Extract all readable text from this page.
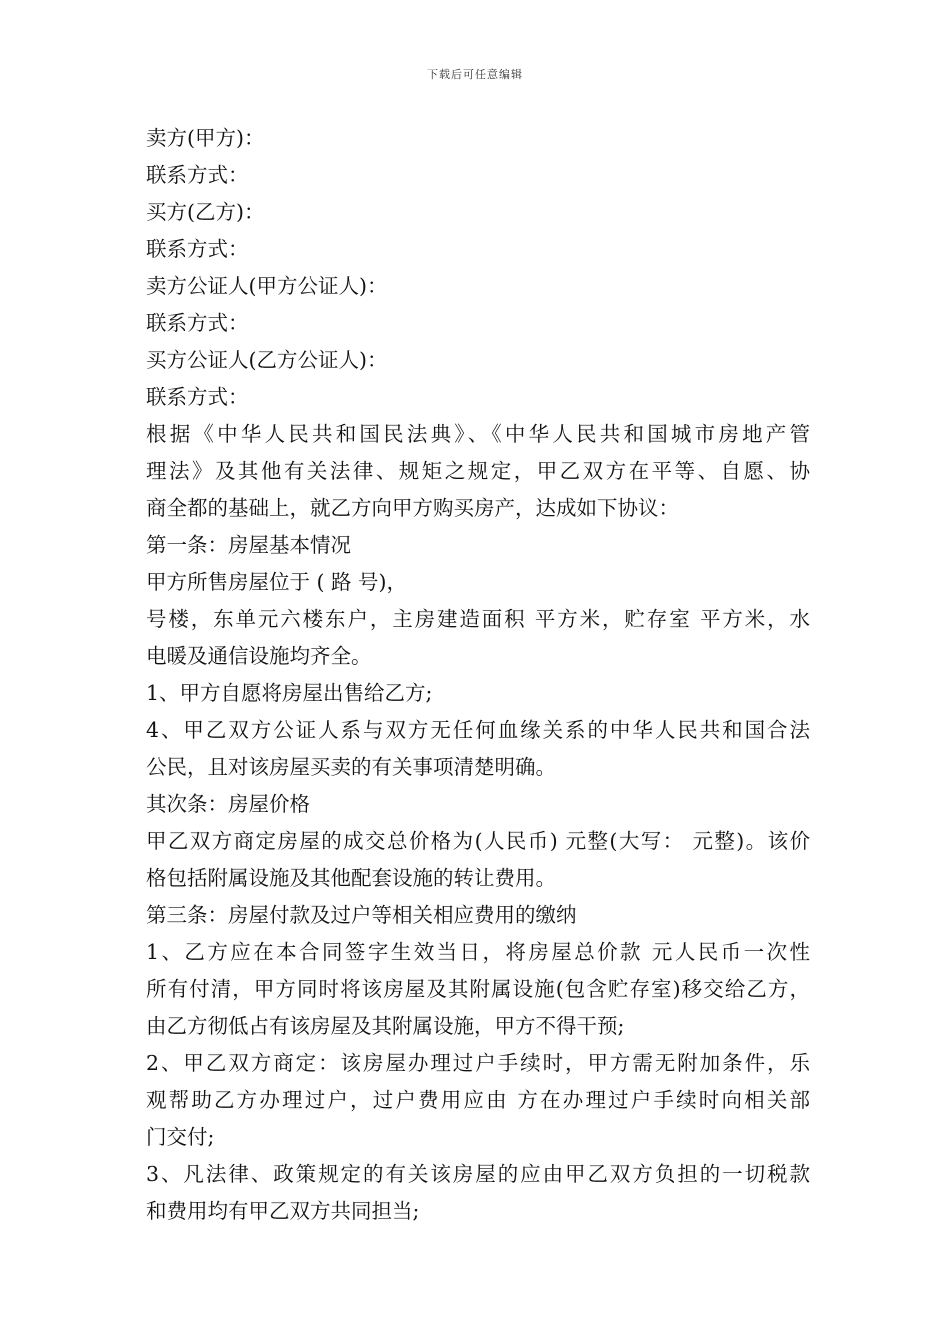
下载后可任意编辑
卖方(甲方)：
联系方式：
买方(乙方)：
联系方式：
卖方公证人(甲方公证人)：
联系方式：
买方公证人(乙方公证人)：
联系方式：
根据《中华人民共和国民法典》、《中华人民共和国城市房地产管
理法》及其他有关法律、规矩之规定，甲乙双方在平等、自愿、协
商全都的基础上，就乙方向甲方购买房产，达成如下协议：
第一条：房屋基本情况
甲方所售房屋位于 ( 路 号)，
号楼，东单元六楼东户，主房建造面积 平方米，贮存室 平方米，水
电暖及通信设施均齐全。
1、甲方自愿将房屋出售给乙方;
4、甲乙双方公证人系与双方无任何血缘关系的中华人民共和国合法
公民，且对该房屋买卖的有关事项清楚明确。
其次条：房屋价格
甲乙双方商定房屋的成交总价格为(人民币) 元整(大写： 元整)。该价
格包括附属设施及其他配套设施的转让费用。
第三条：房屋付款及过户等相关相应费用的缴纳
1、乙方应在本合同签字生效当日，将房屋总价款 元人民币一次性
所有付清，甲方同时将该房屋及其附属设施(包含贮存室)移交给乙方，
由乙方彻低占有该房屋及其附属设施，甲方不得干预;
2、甲乙双方商定：该房屋办理过户手续时，甲方需无附加条件，乐
观帮助乙方办理过户，过户费用应由 方在办理过户手续时向相关部
门交付;
3、凡法律、政策规定的有关该房屋的应由甲乙双方负担的一切税款
和费用均有甲乙双方共同担当;
